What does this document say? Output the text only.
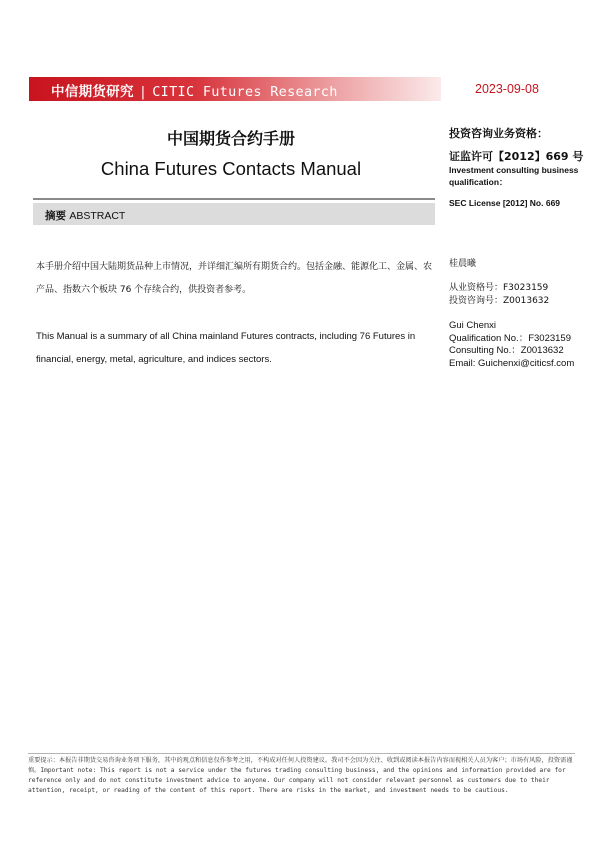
中信期货研究 | CITIC Futures Research	2023-09-08
中国期货合约手册
China Futures Contacts Manual
摘要 ABSTRACT

本手册介绍中国大陆期货品种上市情况，并详细汇编所有期货合约。包括金融、能源化工、金属、农产品、指数六个板块 76 个存续合约，供投资者参考。

This Manual is a summary of all China mainland Futures contracts, including 76 Futures in financial, energy, metal, agriculture, and indices sectors.

投资咨询业务资格：
证监许可【2012】669 号
Investment consulting business qualification：
SEC License [2012] No. 669
桂晨曦
从业资格号：F3023159
投资咨询号：Z0013632
Gui Chenxi
Qualification No.：F3023159
Consulting No.：Z0013632
Email: Guichenxi@citicsf.com
重要提示：本报告非期货交易咨询业务项下服务，其中的观点和信息仅作参考之用，不构成对任何人投资建议。我司不会因为关注、收到或阅读本报告内容而视相关人员为客户；市场有风险，投资需谨慎。Important note: This report is not a service under the futures trading consulting business, and the opinions and information provided are for reference only and do not constitute investment advice to anyone. Our company will not consider relevant personnel as customers due to their attention, receipt, or reading of the content of this report. There are risks in the market, and investment needs to be cautious.
